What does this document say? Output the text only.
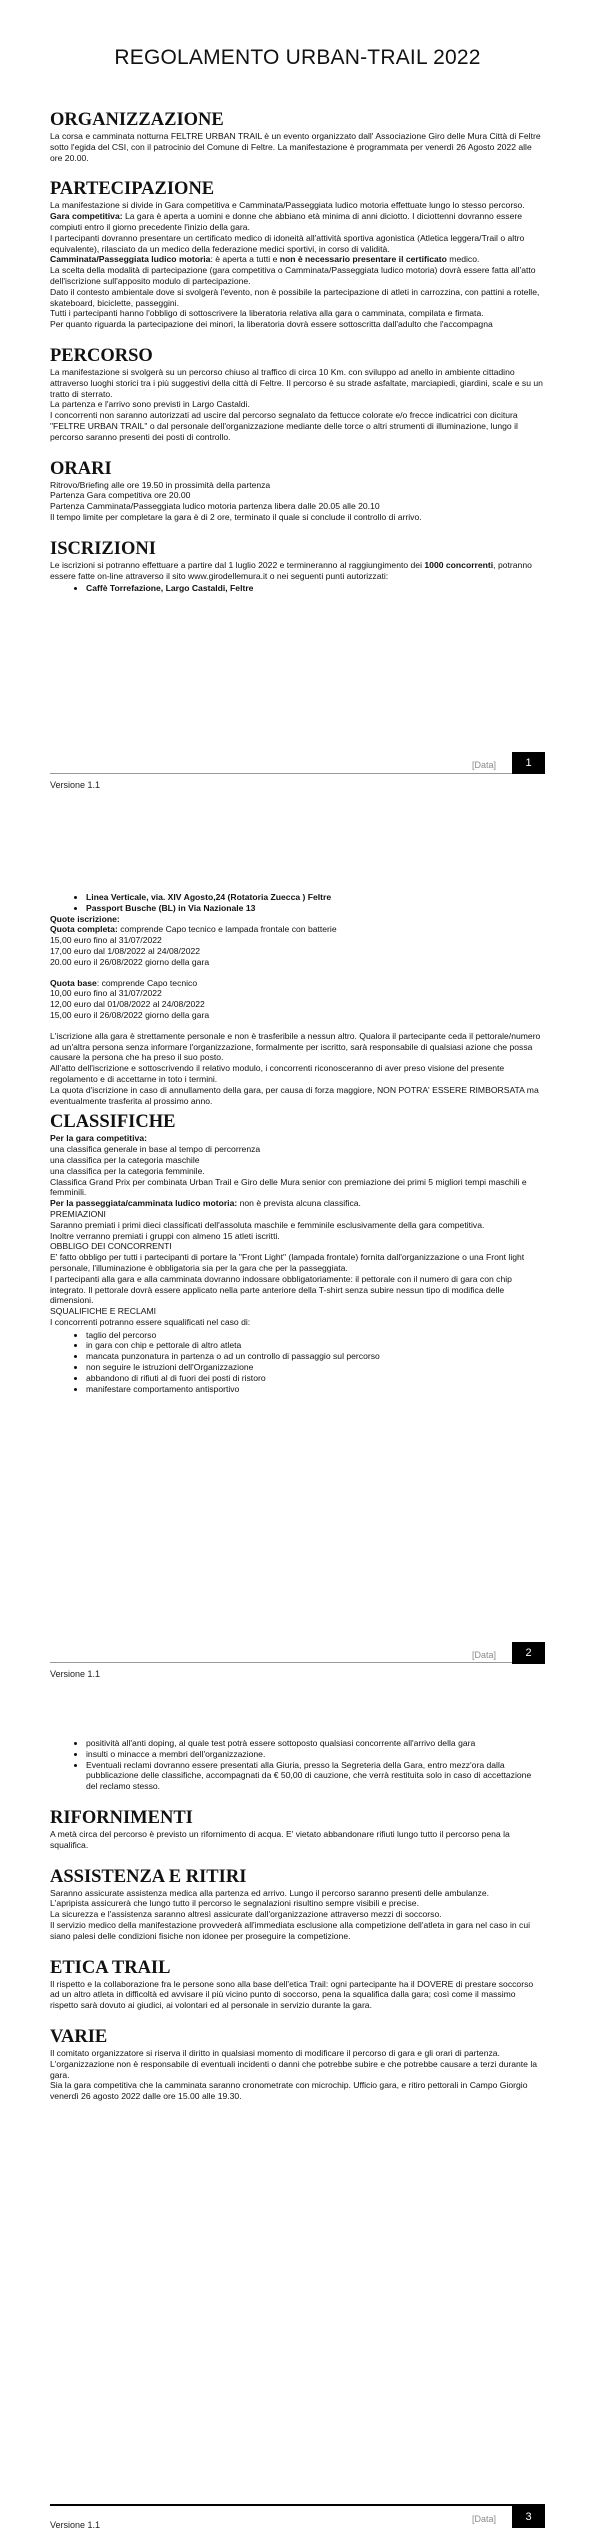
REGOLAMENTO URBAN-TRAIL 2022
ORGANIZZAZIONE

La corsa e camminata notturna FELTRE URBAN TRAIL è un evento organizzato dall' Associazione Giro delle Mura Città di Feltre sotto l'egida del CSI, con il patrocinio del Comune di Feltre. La manifestazione è programmata per venerdì 26 Agosto 2022 alle ore 20.00.

PARTECIPAZIONE

La manifestazione si divide in Gara competitiva e Camminata/Passeggiata ludico motoria effettuate lungo lo stesso percorso.

Gara competitiva: La gara è aperta a uomini e donne che abbiano età minima di anni diciotto. I diciottenni dovranno essere compiuti entro il giorno precedente l'inizio della gara.

I partecipanti dovranno presentare un certificato medico di idoneità all'attività sportiva agonistica (Atletica leggera/Trail o altro equivalente), rilasciato da un medico della federazione medici sportivi, in corso di validità.

Camminata/Passeggiata ludico motoria: è aperta a tutti e non è necessario presentare il certificato medico.

La scelta della modalità di partecipazione (gara competitiva o Camminata/Passeggiata ludico motoria) dovrà essere fatta all'atto dell'iscrizione sull'apposito modulo di partecipazione.

Dato il contesto ambientale dove si svolgerà l'evento, non è possibile la partecipazione di atleti in carrozzina, con pattini a rotelle, skateboard, biciclette, passeggini.

Tutti i partecipanti hanno l'obbligo di sottoscrivere la liberatoria relativa alla gara o camminata, compilata e firmata.

Per quanto riguarda la partecipazione dei minori, la liberatoria dovrà essere sottoscritta dall'adulto che l'accompagna

PERCORSO

La manifestazione si svolgerà su un percorso chiuso al traffico di circa 10 Km. con sviluppo ad anello in ambiente cittadino attraverso luoghi storici tra i più suggestivi della città di Feltre. Il percorso è su strade asfaltate, marciapiedi, giardini, scale e su un tratto di sterrato.

La partenza e l'arrivo sono previsti in Largo Castaldi.

I concorrenti non saranno autorizzati ad uscire dal percorso segnalato da fettucce colorate e/o frecce indicatrici con dicitura "FELTRE URBAN TRAIL" o dal personale dell'organizzazione mediante delle torce o altri strumenti di illuminazione, lungo il percorso saranno presenti dei posti di controllo.

ORARI

Ritrovo/Briefing alle ore 19.50 in prossimità della partenza

Partenza Gara competitiva ore 20.00

Partenza Camminata/Passeggiata ludico motoria partenza libera dalle 20.05 alle 20.10

Il tempo limite per completare la gara è di 2 ore, terminato il quale si conclude il controllo di arrivo.

ISCRIZIONI

Le iscrizioni si potranno effettuare a partire dal 1 luglio 2022 e termineranno al raggiungimento dei 1000 concorrenti, potranno essere fatte on-line attraverso il sito www.girodellemura.it o nei seguenti punti autorizzati:

• Caffè Torrefazione, Largo Castaldi, Feltre
[Data]	1
Versione 1.1
• Linea Verticale, via. XIV Agosto,24 (Rotatoria Zuecca ) Feltre
• Passport Busche (BL) in Via Nazionale 13

Quote iscrizione:

Quota completa: comprende Capo tecnico e lampada frontale con batterie

15,00 euro fino al 31/07/2022

17,00 euro dal 1/08/2022 al 24/08/2022

20.00 euro il 26/08/2022 giorno della gara

Quota base: comprende Capo tecnico

10,00 euro fino al 31/07/2022

12,00 euro dal 01/08/2022 al 24/08/2022

15,00 euro il 26/08/2022 giorno della gara

L'iscrizione alla gara è strettamente personale e non è trasferibile a nessun altro. Qualora il partecipante ceda il pettorale/numero ad un'altra persona senza informare l'organizzazione, formalmente per iscritto, sarà responsabile di qualsiasi azione che possa causare la persona che ha preso il suo posto.

All'atto dell'iscrizione e sottoscrivendo il relativo modulo, i concorrenti riconosceranno di aver preso visione del presente regolamento e di accettarne in toto i termini.

La quota d'iscrizione in caso di annullamento della gara, per causa di forza maggiore, NON POTRA' ESSERE RIMBORSATA ma eventualmente trasferita al prossimo anno.

CLASSIFICHE

Per la gara competitiva:

una classifica generale in base al tempo di percorrenza

una classifica per la categoria maschile

una classifica per la categoria femminile.

Classifica Grand Prix per combinata Urban Trail e Giro delle Mura senior con premiazione dei primi 5 migliori tempi maschili e femminili.

Per la passeggiata/camminata ludico motoria: non è prevista alcuna classifica.

PREMIAZIONI

Saranno premiati i primi dieci classificati dell'assoluta maschile e femminile esclusivamente della gara competitiva.

Inoltre verranno premiati i gruppi con almeno 15 atleti iscritti.

OBBLIGO DEI CONCORRENTI

E' fatto obbligo per tutti i partecipanti di portare la "Front Light" (lampada frontale) fornita dall'organizzazione o una Front light personale, l'illuminazione è obbligatoria sia per la gara che per la passeggiata.

I partecipanti alla gara e alla camminata dovranno indossare obbligatoriamente: il pettorale con il numero di gara con chip integrato. Il pettorale dovrà essere applicato nella parte anteriore della T-shirt senza subire nessun tipo di modifica delle dimensioni.

SQUALIFICHE E RECLAMI

I concorrenti potranno essere squalificati nel caso di:

• taglio del percorso
• in gara con chip e pettorale di altro atleta
• mancata punzonatura in partenza o ad un controllo di passaggio sul percorso
• non seguire le istruzioni dell'Organizzazione
• abbandono di rifiuti al di fuori dei posti di ristoro
• manifestare comportamento antisportivo
[Data]	2
Versione 1.1
• positività all'anti doping, al quale test potrà essere sottoposto qualsiasi concorrente all'arrivo della gara
• insulti o minacce a membri dell'organizzazione.
• Eventuali reclami dovranno essere presentati alla Giuria, presso la Segreteria della Gara, entro mezz'ora dalla pubblicazione delle classifiche, accompagnati da € 50,00 di cauzione, che verrà restituita solo in caso di accettazione del reclamo stesso.
RIFORNIMENTI

A metà circa del percorso è previsto un rifornimento di acqua. E' vietato abbandonare rifiuti lungo tutto il percorso pena la squalifica.

ASSISTENZA E RITIRI

Saranno assicurate assistenza medica alla partenza ed arrivo. Lungo il percorso saranno presenti delle ambulanze.

L'apripista assicurerà che lungo tutto il percorso le segnalazioni risultino sempre visibili e precise.

La sicurezza e l'assistenza saranno altresì assicurate dall'organizzazione attraverso mezzi di soccorso.

Il servizio medico della manifestazione provvederà all'immediata esclusione alla competizione dell'atleta in gara nel caso in cui siano palesi delle condizioni fisiche non idonee per proseguire la competizione.

ETICA TRAIL

Il rispetto e la collaborazione fra le persone sono alla base dell'etica Trail: ogni partecipante ha il DOVERE di prestare soccorso ad un altro atleta in difficoltà ed avvisare il più vicino punto di soccorso, pena la squalifica dalla gara; così come il massimo rispetto sarà dovuto ai giudici, ai volontari ed al personale in servizio durante la gara.

VARIE

Il comitato organizzatore si riserva il diritto in qualsiasi momento di modificare il percorso di gara e gli orari di partenza. L'organizzazione non è responsabile di eventuali incidenti o danni che potrebbe subire e che potrebbe causare a terzi durante la gara.

Sia la gara competitiva che la camminata saranno cronometrate con microchip. Ufficio gara, e ritiro pettorali in Campo Giorgio venerdì 26 agosto 2022 dalle ore 15.00 alle 19.30.

[Data]	3
Versione 1.1
